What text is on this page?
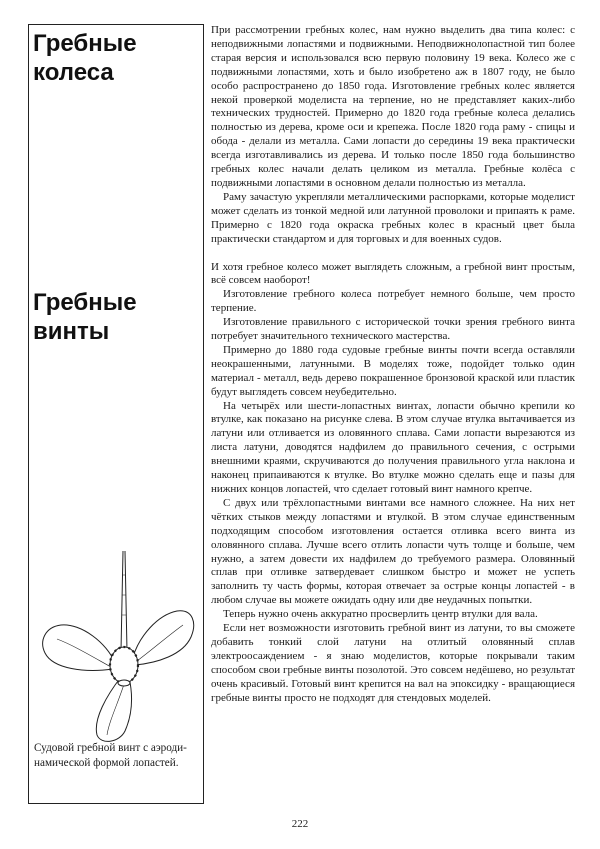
Гребные
колеса
Гребные
винты

Судовой гребной винт с аэроди-
намической формой лопастей.

При рассмотрении гребных колес, нам нужно выделить два типа колес: с неподвижными лопастями и подвижными. Неподвижнолопастной тип более старая версия и использовался всю первую половину 19 века. Колесо же с подвижными лопастями, хоть и было изобретено аж в 1807 году, не было особо распространено до 1850 года. Изготовление гребных колес является некой проверкой моделиста на терпение, но не представляет каких-либо технических трудностей. Примерно до 1820 года гребные колеса делались полностью из дерева, кроме оси и крепежа. После 1820 года раму - спицы и обода - делали из металла. Сами лопасти до середины 19 века практически всегда изготавливались из дерева. И только после 1850 года большинство гребных колес начали делать целиком из металла. Гребные колёса с подвижными лопастями в основном делали полностью из металла.

Раму зачастую укрепляли металлическими распорками, которые моделист может сделать из тонкой медной или латунной проволоки и припаять к раме. Примерно с 1820 года окраска гребных колес в красный цвет была практически стандартом и для торговых и для военных судов.

И хотя гребное колесо может выглядеть сложным, а гребной винт простым, всё совсем наоборот!

Изготовление гребного колеса потребует немного больше, чем просто терпение.

Изготовление правильного с исторической точки зрения гребного винта потребует значительного технического мастерства.

Примерно до 1880 года судовые гребные винты почти всегда оставляли неокрашенными, латунными. В моделях тоже, подойдет только один материал - металл, ведь дерево покрашенное бронзовой краской или пластик будут выглядеть совсем неубедительно.

На четырёх или шести-лопастных винтах, лопасти обычно крепили ко втулке, как показано на рисунке слева. В этом случае втулка вытачивается из латуни или отливается из оловянного сплава. Сами лопасти вырезаются из листа латуни, доводятся надфилем до правильного сечения, с острыми внешними краями, скручиваются до получения правильного угла наклона и наконец припаиваются к втулке. Во втулке можно сделать еще и пазы для нижних концов лопастей, что сделает готовый винт намного крепче.

С двух или трёхлопастными винтами все намного сложнее. На них нет чётких стыков между лопастями и втулкой. В этом случае единственным подходящим способом изготовления остается отливка всего винта из оловянного сплава. Лучше всего отлить лопасти чуть толще и больше, чем нужно, а затем довести их надфилем до требуемого размера. Оловянный сплав при отливке затвердевает слишком быстро и может не успеть заполнить ту часть формы, которая отвечает за острые концы лопастей - в любом случае вы можете ожидать одну или две неудачных попытки.

Теперь нужно очень аккуратно просверлить центр втулки для вала.

Если нет возможности изготовить гребной винт из латуни, то вы сможете добавить тонкий слой латуни на отлитый оловянный сплав электроосаждением - я знаю моделистов, которые покрывали таким способом свои гребные винты позолотой. Это совсем недёшево, но результат очень красивый. Готовый винт крепится на вал на эпоксидку - вращающиеся гребные винты просто не подходят для стендовых моделей.

222
